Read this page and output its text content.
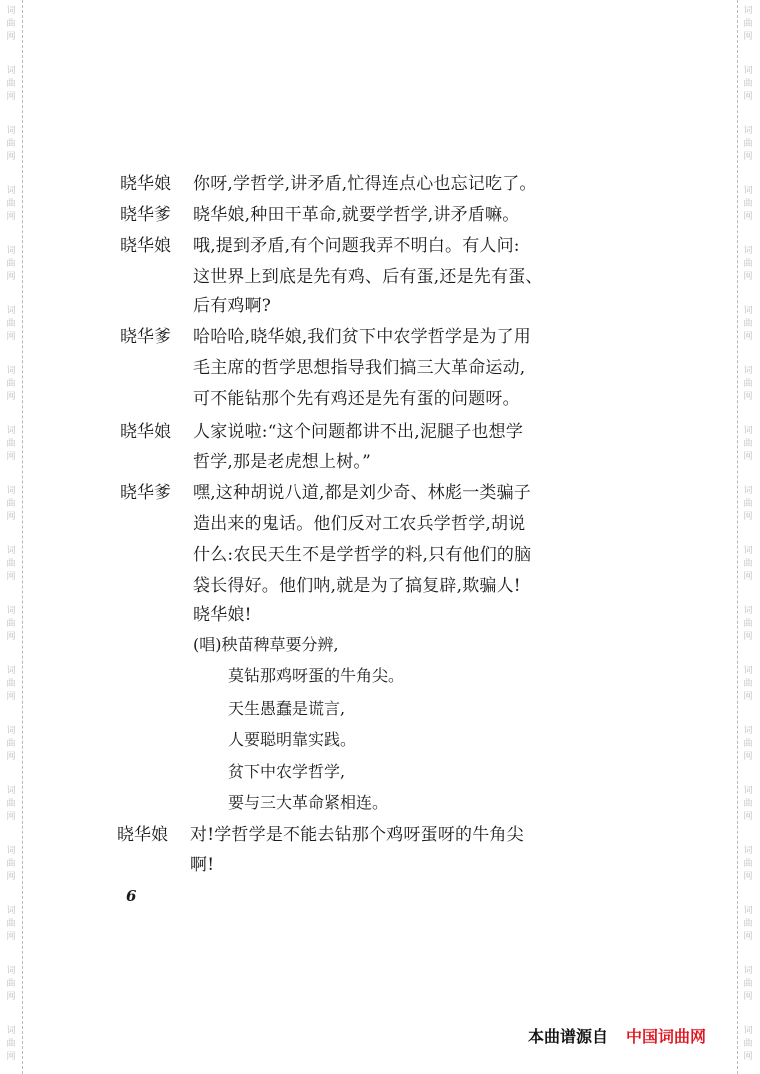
词曲网
词曲网
词曲网
词曲网
词曲网
词曲网
词曲网
词曲网
词曲网
词曲网
词曲网
词曲网
词曲网
词曲网
词曲网
词曲网
词曲网
词曲网
词曲网
词曲网
词曲网
词曲网
词曲网
词曲网
词曲网
词曲网
词曲网
词曲网
词曲网
词曲网
词曲网
词曲网
词曲网
词曲网
词曲网
词曲网
晓华娘	你呀,学哲学,讲矛盾,忙得连点心也忘记吃了。
晓华爹	晓华娘,种田干革命,就要学哲学,讲矛盾嘛。
晓华娘	哦,提到矛盾,有个问题我弄不明白。有人问:
这世界上到底是先有鸡、后有蛋,还是先有蛋、
后有鸡啊?
晓华爹	哈哈哈,晓华娘,我们贫下中农学哲学是为了用
毛主席的哲学思想指导我们搞三大革命运动,
可不能钻那个先有鸡还是先有蛋的问题呀。
晓华娘	人家说啦:“这个问题都讲不出,泥腿子也想学
哲学,那是老虎想上树。”
晓华爹	嘿,这种胡说八道,都是刘少奇、林彪一类骗子
造出来的鬼话。他们反对工农兵学哲学,胡说
什么:农民天生不是学哲学的料,只有他们的脑
袋长得好。他们呐,就是为了搞复辟,欺骗人!
晓华娘!
(唱)秧苗稗草要分辨,
莫钻那鸡呀蛋的牛角尖。
天生愚蠢是谎言,
人要聪明靠实践。
贫下中农学哲学,
要与三大革命紧相连。
晓华娘	对!学哲学是不能去钻那个鸡呀蛋呀的牛角尖
啊!
6
本曲谱源自 中国词曲网
